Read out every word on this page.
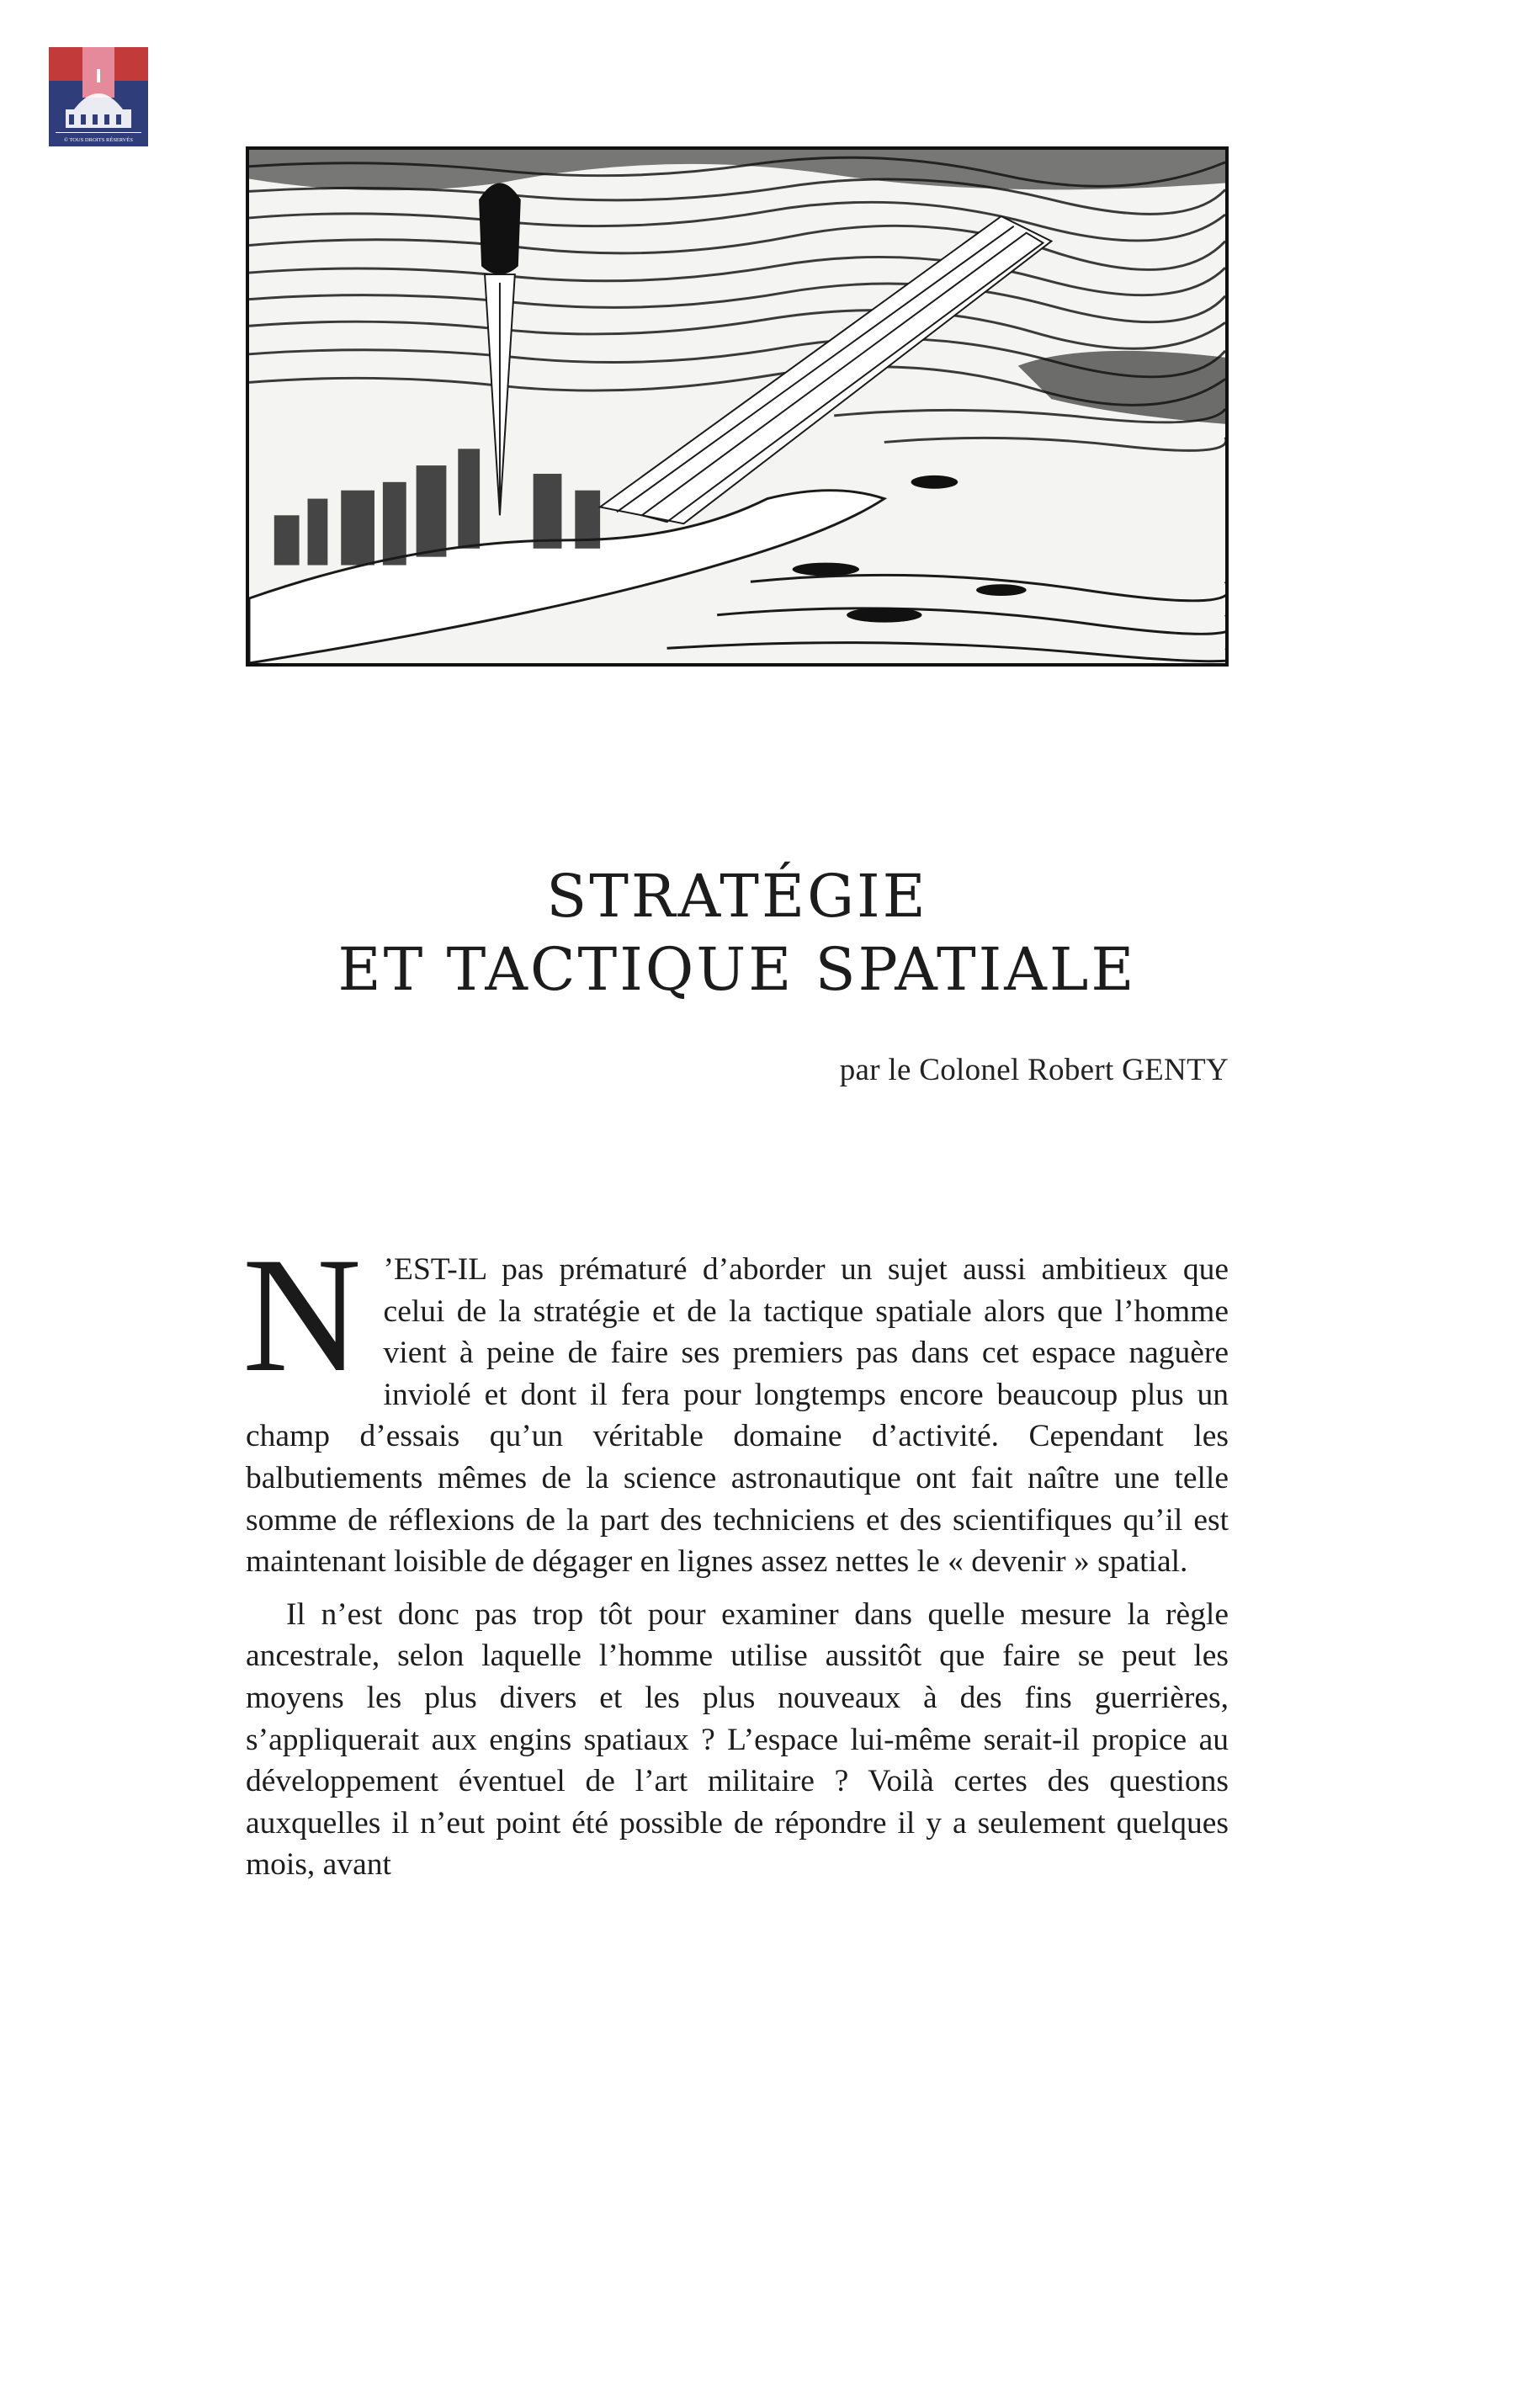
© TOUS DROITS RÉSERVÉS
STRATÉGIE
ET TACTIQUE SPATIALE
par le Colonel Robert GENTY

N ’EST-IL pas prématuré d’aborder un sujet aussi ambitieux que celui de la stratégie et de la tactique spatiale alors que l’homme vient à peine de faire ses premiers pas dans cet espace naguère inviolé et dont il fera pour longtemps encore beaucoup plus un champ d’essais qu’un véritable domaine d’activité. Cependant les balbutiements mêmes de la science astronautique ont fait naître une telle somme de réflexions de la part des techniciens et des scientifiques qu’il est maintenant loisible de dégager en lignes assez nettes le « devenir » spatial.

Il n’est donc pas trop tôt pour examiner dans quelle mesure la règle ancestrale, selon laquelle l’homme utilise aussitôt que faire se peut les moyens les plus divers et les plus nouveaux à des fins guerrières, s’appliquerait aux engins spatiaux ? L’espace lui-même serait-il propice au développement éventuel de l’art militaire ? Voilà certes des questions auxquelles il n’eut point été possible de répondre il y a seulement quelques mois, avant
